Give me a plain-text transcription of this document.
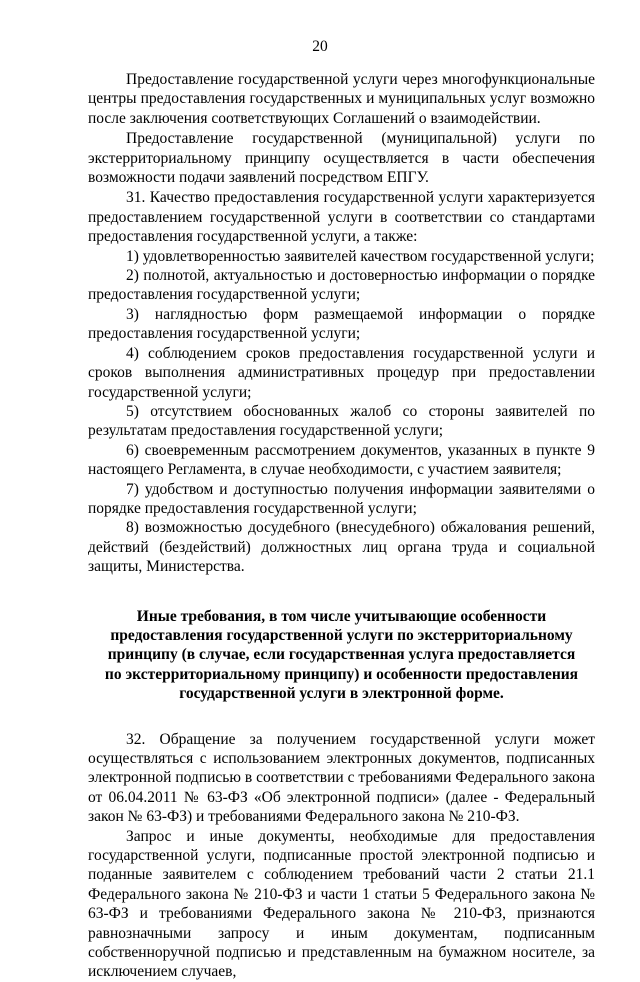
20

Предоставление государственной услуги через многофункциональные центры предоставления государственных и муниципальных услуг возможно после заключения соответствующих Соглашений о взаимодействии.

Предоставление государственной (муниципальной) услуги по экстерриториальному принципу осуществляется в части обеспечения возможности подачи заявлений посредством ЕПГУ.

31. Качество предоставления государственной услуги характеризуется предоставлением государственной услуги в соответствии со стандартами предоставления государственной услуги, а также:

1) удовлетворенностью заявителей качеством государственной услуги;

2) полнотой, актуальностью и достоверностью информации о порядке предоставления государственной услуги;

3) наглядностью форм размещаемой информации о порядке предоставления государственной услуги;

4) соблюдением сроков предоставления государственной услуги и сроков выполнения административных процедур при предоставлении государственной услуги;

5) отсутствием обоснованных жалоб со стороны заявителей по результатам предоставления государственной услуги;

6) своевременным рассмотрением документов, указанных в пункте 9 настоящего Регламента, в случае необходимости, с участием заявителя;

7) удобством и доступностью получения информации заявителями о порядке предоставления государственной услуги;

8) возможностью досудебного (внесудебного) обжалования решений, действий (бездействий) должностных лиц органа труда и социальной защиты, Министерства.

Иные требования, в том числе учитывающие особенности предоставления государственной услуги по экстерриториальному принципу (в случае, если государственная услуга предоставляется по экстерриториальному принципу) и особенности предоставления государственной услуги в электронной форме.

32. Обращение за получением государственной услуги может осуществляться с использованием электронных документов, подписанных электронной подписью в соответствии с требованиями Федерального закона от 06.04.2011 № 63-ФЗ «Об электронной подписи» (далее - Федеральный закон № 63-ФЗ) и требованиями Федерального закона № 210-ФЗ.

Запрос и иные документы, необходимые для предоставления государственной услуги, подписанные простой электронной подписью и поданные заявителем с соблюдением требований части 2 статьи 21.1 Федерального закона № 210-ФЗ и части 1 статьи 5 Федерального закона № 63-ФЗ и требованиями Федерального закона № 210-ФЗ, признаются равнозначными запросу и иным документам, подписанным собственноручной подписью и представленным на бумажном носителе, за исключением случаев,
